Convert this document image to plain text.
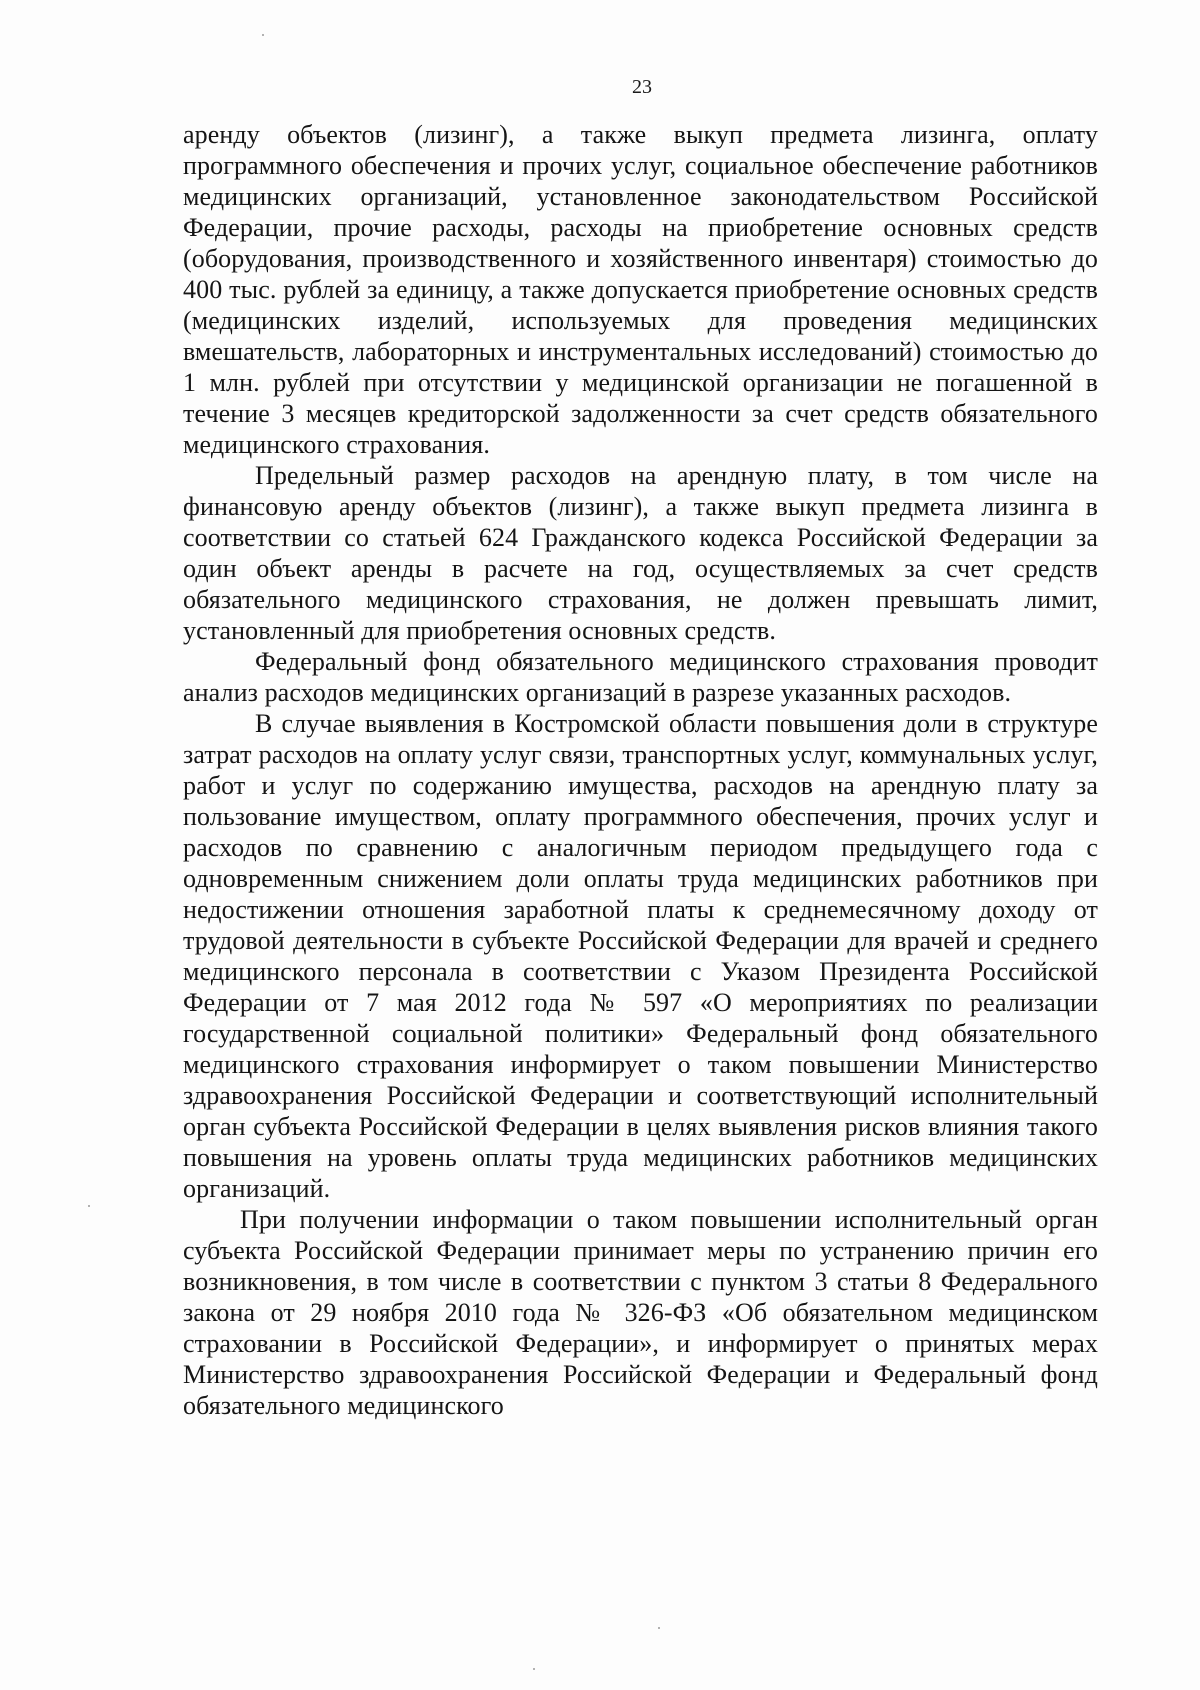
23

аренду объектов (лизинг), а также выкуп предмета лизинга, оплату программного обеспечения и прочих услуг, социальное обеспечение работников медицинских организаций, установленное законодательством Российской Федерации, прочие расходы, расходы на приобретение основных средств (оборудования, производственного и хозяйственного инвентаря) стоимостью до 400 тыс. рублей за единицу, а также допускается приобретение основных средств (медицинских изделий, используемых для проведения медицинских вмешательств, лабораторных и инструментальных исследований) стоимостью до 1 млн. рублей при отсутствии у медицинской организации не погашенной в течение 3 месяцев кредиторской задолженности за счет средств обязательного медицинского страхования.

Предельный размер расходов на арендную плату, в том числе на финансовую аренду объектов (лизинг), а также выкуп предмета лизинга в соответствии со статьей 624 Гражданского кодекса Российской Федерации за один объект аренды в расчете на год, осуществляемых за счет средств обязательного медицинского страхования, не должен превышать лимит, установленный для приобретения основных средств.

Федеральный фонд обязательного медицинского страхования проводит анализ расходов медицинских организаций в разрезе указанных расходов.

В случае выявления в Костромской области повышения доли в структуре затрат расходов на оплату услуг связи, транспортных услуг, коммунальных услуг, работ и услуг по содержанию имущества, расходов на арендную плату за пользование имуществом, оплату программного обеспечения, прочих услуг и расходов по сравнению с аналогичным периодом предыдущего года с одновременным снижением доли оплаты труда медицинских работников при недостижении отношения заработной платы к среднемесячному доходу от трудовой деятельности в субъекте Российской Федерации для врачей и среднего медицинского персонала в соответствии с Указом Президента Российской Федерации от 7 мая 2012 года № 597 «О мероприятиях по реализации государственной социальной политики» Федеральный фонд обязательного медицинского страхования информирует о таком повышении Министерство здравоохранения Российской Федерации и соответствующий исполнительный орган субъекта Российской Федерации в целях выявления рисков влияния такого повышения на уровень оплаты труда медицинских работников медицинских организаций.

При получении информации о таком повышении исполнительный орган субъекта Российской Федерации принимает меры по устранению причин его возникновения, в том числе в соответствии с пунктом 3 статьи 8 Федерального закона от 29 ноября 2010 года № 326-ФЗ «Об обязательном медицинском страховании в Российской Федерации», и информирует о принятых мерах Министерство здравоохранения Российской Федерации и Федеральный фонд обязательного медицинского
